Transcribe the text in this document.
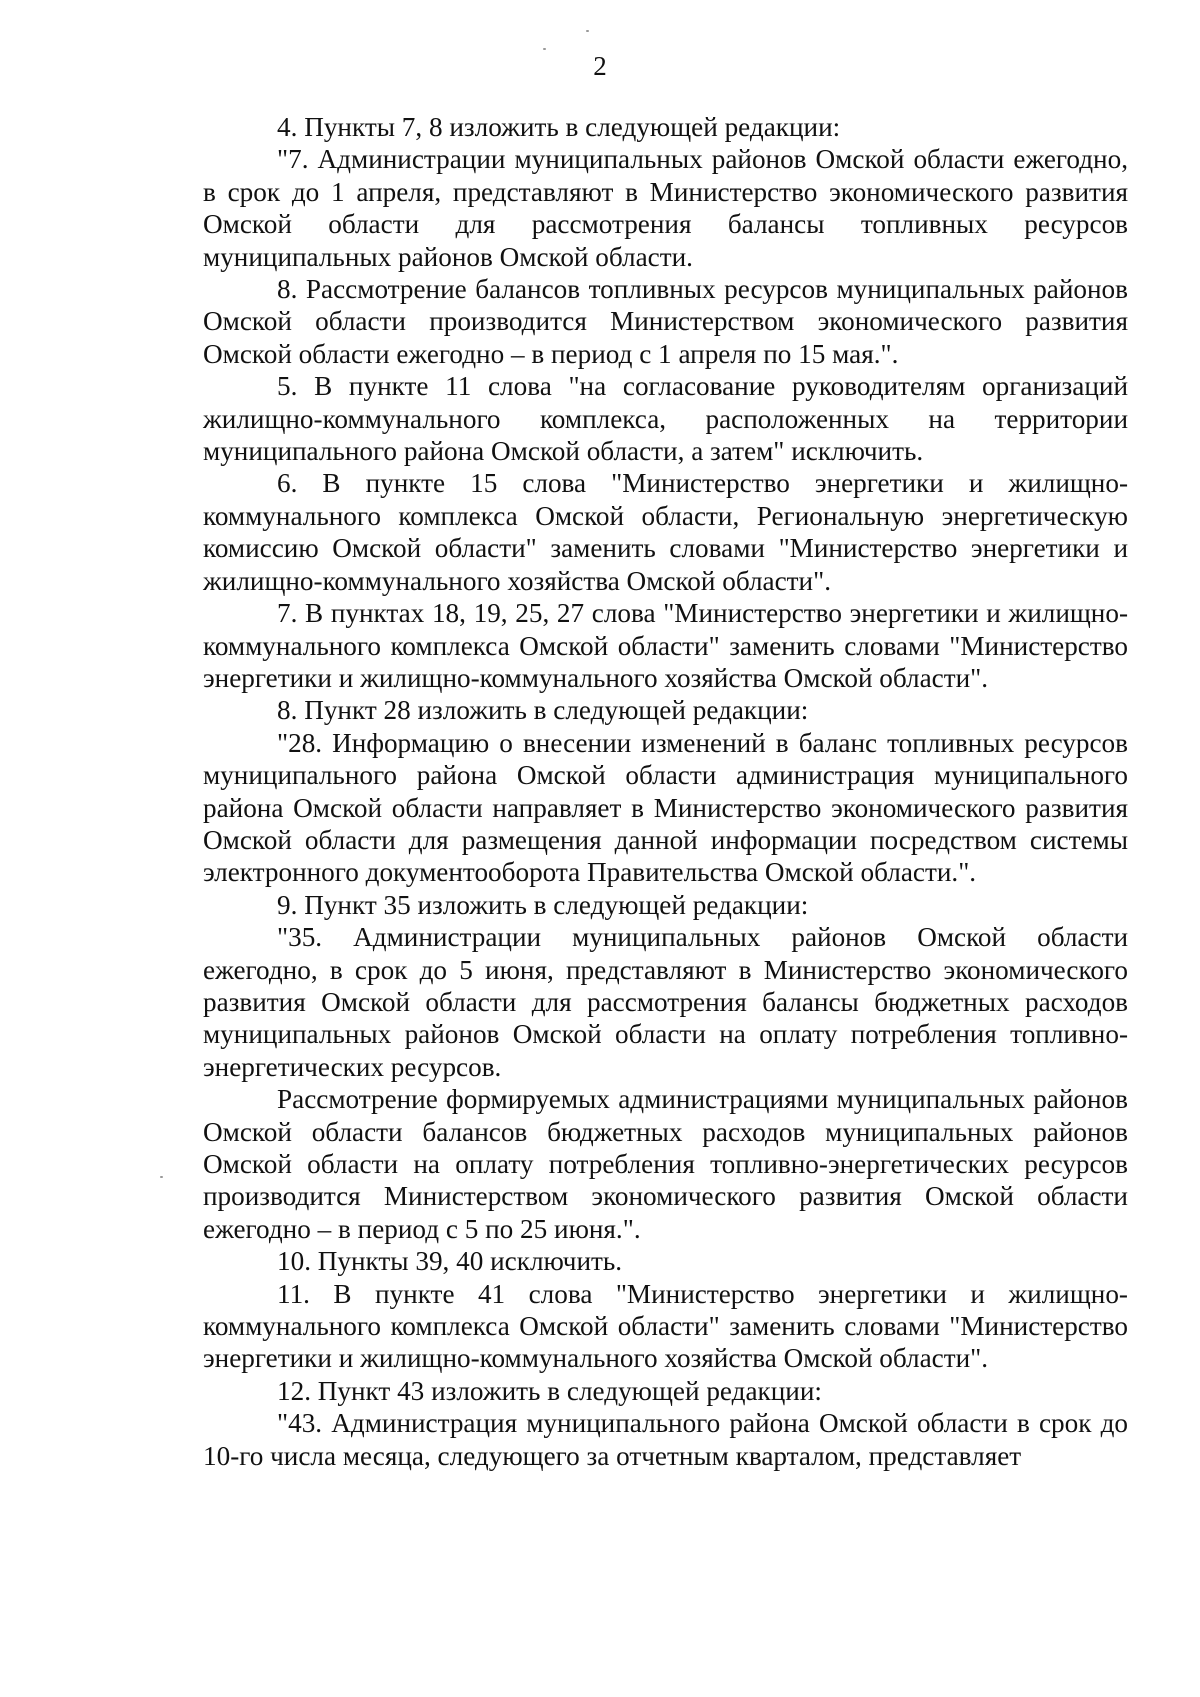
2

4. Пункты 7, 8 изложить в следующей редакции:

"7. Администрации муниципальных районов Омской области ежегодно, в срок до 1 апреля, представляют в Министерство экономического развития Омской области для рассмотрения балансы топливных ресурсов муниципальных районов Омской области.

8. Рассмотрение балансов топливных ресурсов муниципальных районов Омской области производится Министерством экономического развития Омской области ежегодно – в период с 1 апреля по 15 мая.".

5. В пункте 11 слова "на согласование руководителям организаций жилищно-коммунального комплекса, расположенных на территории муниципального района Омской области, а затем" исключить.

6. В пункте 15 слова "Министерство энергетики и жилищно-коммунального комплекса Омской области, Региональную энергетическую комиссию Омской области" заменить словами "Министерство энергетики и жилищно-коммунального хозяйства Омской области".

7. В пунктах 18, 19, 25, 27 слова "Министерство энергетики и жилищно-коммунального комплекса Омской области" заменить словами "Министерство энергетики и жилищно-коммунального хозяйства Омской области".

8. Пункт 28 изложить в следующей редакции:

"28. Информацию о внесении изменений в баланс топливных ресурсов муниципального района Омской области администрация муниципального района Омской области направляет в Министерство экономического развития Омской области для размещения данной информации посредством системы электронного документооборота Правительства Омской области.".

9. Пункт 35 изложить в следующей редакции:

"35. Администрации муниципальных районов Омской области ежегодно, в срок до 5 июня, представляют в Министерство экономического развития Омской области для рассмотрения балансы бюджетных расходов муниципальных районов Омской области на оплату потребления топливно-энергетических ресурсов.

Рассмотрение формируемых администрациями муниципальных районов Омской области балансов бюджетных расходов муниципальных районов Омской области на оплату потребления топливно-энергетических ресурсов производится Министерством экономического развития Омской области ежегодно – в период с 5 по 25 июня.".

10. Пункты 39, 40 исключить.

11. В пункте 41 слова "Министерство энергетики и жилищно-коммунального комплекса Омской области" заменить словами "Министерство энергетики и жилищно-коммунального хозяйства Омской области".

12. Пункт 43 изложить в следующей редакции:

"43. Администрация муниципального района Омской области в срок до 10-го числа месяца, следующего за отчетным кварталом, представляет
